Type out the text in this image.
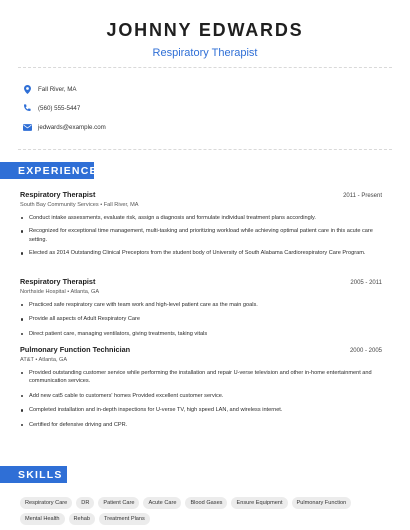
JOHNNY EDWARDS
Respiratory Therapist
Fall River, MA
(560) 555-5447
jedwards@example.com
EXPERIENCE
Respiratory Therapist	2011 - Present
South Bay Community Services • Fall River, MA
Conduct intake assessments, evaluate risk, assign a diagnosis and formulate individual treatment plans accordingly.
Recognized for exceptional time management, multi-tasking and prioritizing workload while achieving optimal patient care in this acute care setting.
Elected as 2014 Outstanding Clinical Preceptors from the student body of University of South Alabama Cardiorespiratory Care Program.
Respiratory Therapist	2005 - 2011
Northside Hospital • Atlanta, GA
Practiced safe respiratory care with team work and high-level patient care as the main goals.
Provide all aspects of Adult Respiratory Care
Direct patient care, managing ventilators, giving treatments, taking vitals
Pulmonary Function Technician	2000 - 2005
AT&T • Atlanta, GA
Provided outstanding customer service while performing the installation and repair U-verse television and other in-home entertainment and communication services.
Add new cat5 cable to customers' homes Provided excellent customer service.
Completed installation and in-depth inspections for U-verse TV, high speed LAN, and wireless internet.
Certified for defensive driving and CPR.
SKILLS
Respiratory Care	DR	Patient Care	Acute Care	Blood Gases	Ensure Equipment	Pulmonary Function
Mental Health	Rehab	Treatment Plans
